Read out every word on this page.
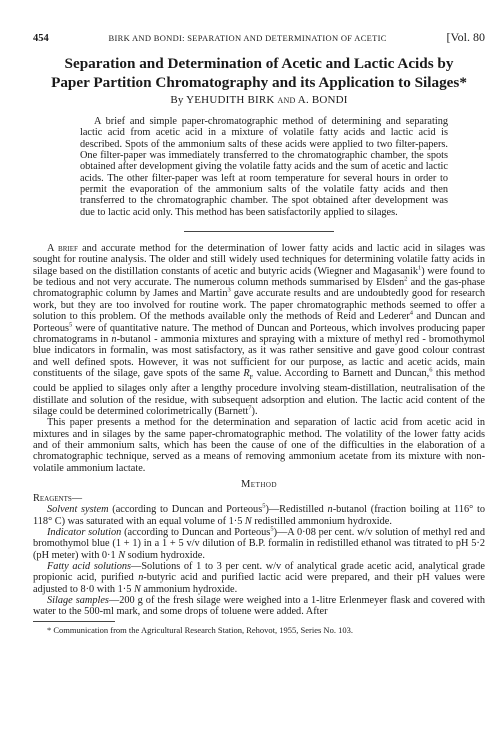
454	BIRK AND BONDI: SEPARATION AND DETERMINATION OF ACETIC	[Vol. 80
Separation and Determination of Acetic and Lactic Acids by Paper Partition Chromatography and its Application to Silages*
By YEHUDITH BIRK AND A. BONDI
A brief and simple paper-chromatographic method of determining and separating lactic acid from acetic acid in a mixture of volatile fatty acids and lactic acid is described. Spots of the ammonium salts of these acids were applied to two filter-papers. One filter-paper was immediately transferred to the chromatographic chamber, the spots obtained after development giving the volatile fatty acids and the sum of acetic and lactic acids. The other filter-paper was left at room temperature for several hours in order to permit the evaporation of the ammonium salts of the volatile fatty acids and then transferred to the chromatographic chamber. The spot obtained after development was due to lactic acid only. This method has been satisfactorily applied to silages.

A brief and accurate method for the determination of lower fatty acids and lactic acid in silages was sought for routine analysis. The older and still widely used techniques for determining volatile fatty acids in silage based on the distillation constants of acetic and butyric acids (Wiegner and Magasanik$^1$) were found to be tedious and not very accurate. The numerous column methods summarised by Elsden$^2$ and the gas-phase chromatographic column by James and Martin$^3$ gave accurate results and are undoubtedly good for research work, but they are too involved for routine work. The paper chromatographic methods seemed to offer a solution to this problem. Of the methods available only the methods of Reid and Lederer$^4$ and Duncan and Porteous$^5$ were of quantitative nature. The method of Duncan and Porteous, which involves producing paper chromatograms in n-butanol - ammonia mixtures and spraying with a mixture of methyl red - bromothymol blue indicators in formalin, was most satisfactory, as it was rather sensitive and gave good colour contrast and well defined spots. However, it was not sufficient for our purpose, as lactic and acetic acids, main constituents of the silage, gave spots of the same $R_F$ value. According to Barnett and Duncan,$^6$ this method could be applied to silages only after a lengthy procedure involving steam-distillation, neutralisation of the distillate and solution of the residue, with subsequent adsorption and elution. The lactic acid content of the silage could be determined colorimetrically (Barnett$^7$).

This paper presents a method for the determination and separation of lactic acid from acetic acid in mixtures and in silages by the same paper-chromatographic method. The volatility of the lower fatty acids and of their ammonium salts, which has been the cause of one of the difficulties in the elaboration of a chromatographic technique, served as a means of removing ammonium acetate from its mixture with non-volatile ammonium lactate.

Method
Reagents—

Solvent system (according to Duncan and Porteous$^5$)—Redistilled n-butanol (fraction boiling at 116° to 118° C) was saturated with an equal volume of 1·5 N redistilled ammonium hydroxide.

Indicator solution (according to Duncan and Porteous$^5$)—A 0·08 per cent. w/v solution of methyl red and bromothymol blue (1 + 1) in a 1 + 5 v/v dilution of B.P. formalin in redistilled ethanol was titrated to pH 5·2 (pH meter) with 0·1 N sodium hydroxide.

Fatty acid solutions—Solutions of 1 to 3 per cent. w/v of analytical grade acetic acid, analytical grade propionic acid, purified n-butyric acid and purified lactic acid were prepared, and their pH values were adjusted to 8·0 with 1·5 N ammonium hydroxide.

Silage samples—200 g of the fresh silage were weighed into a 1-litre Erlenmeyer flask and covered with water to the 500-ml mark, and some drops of toluene were added. After

* Communication from the Agricultural Research Station, Rehovot, 1955, Series No. 103.
